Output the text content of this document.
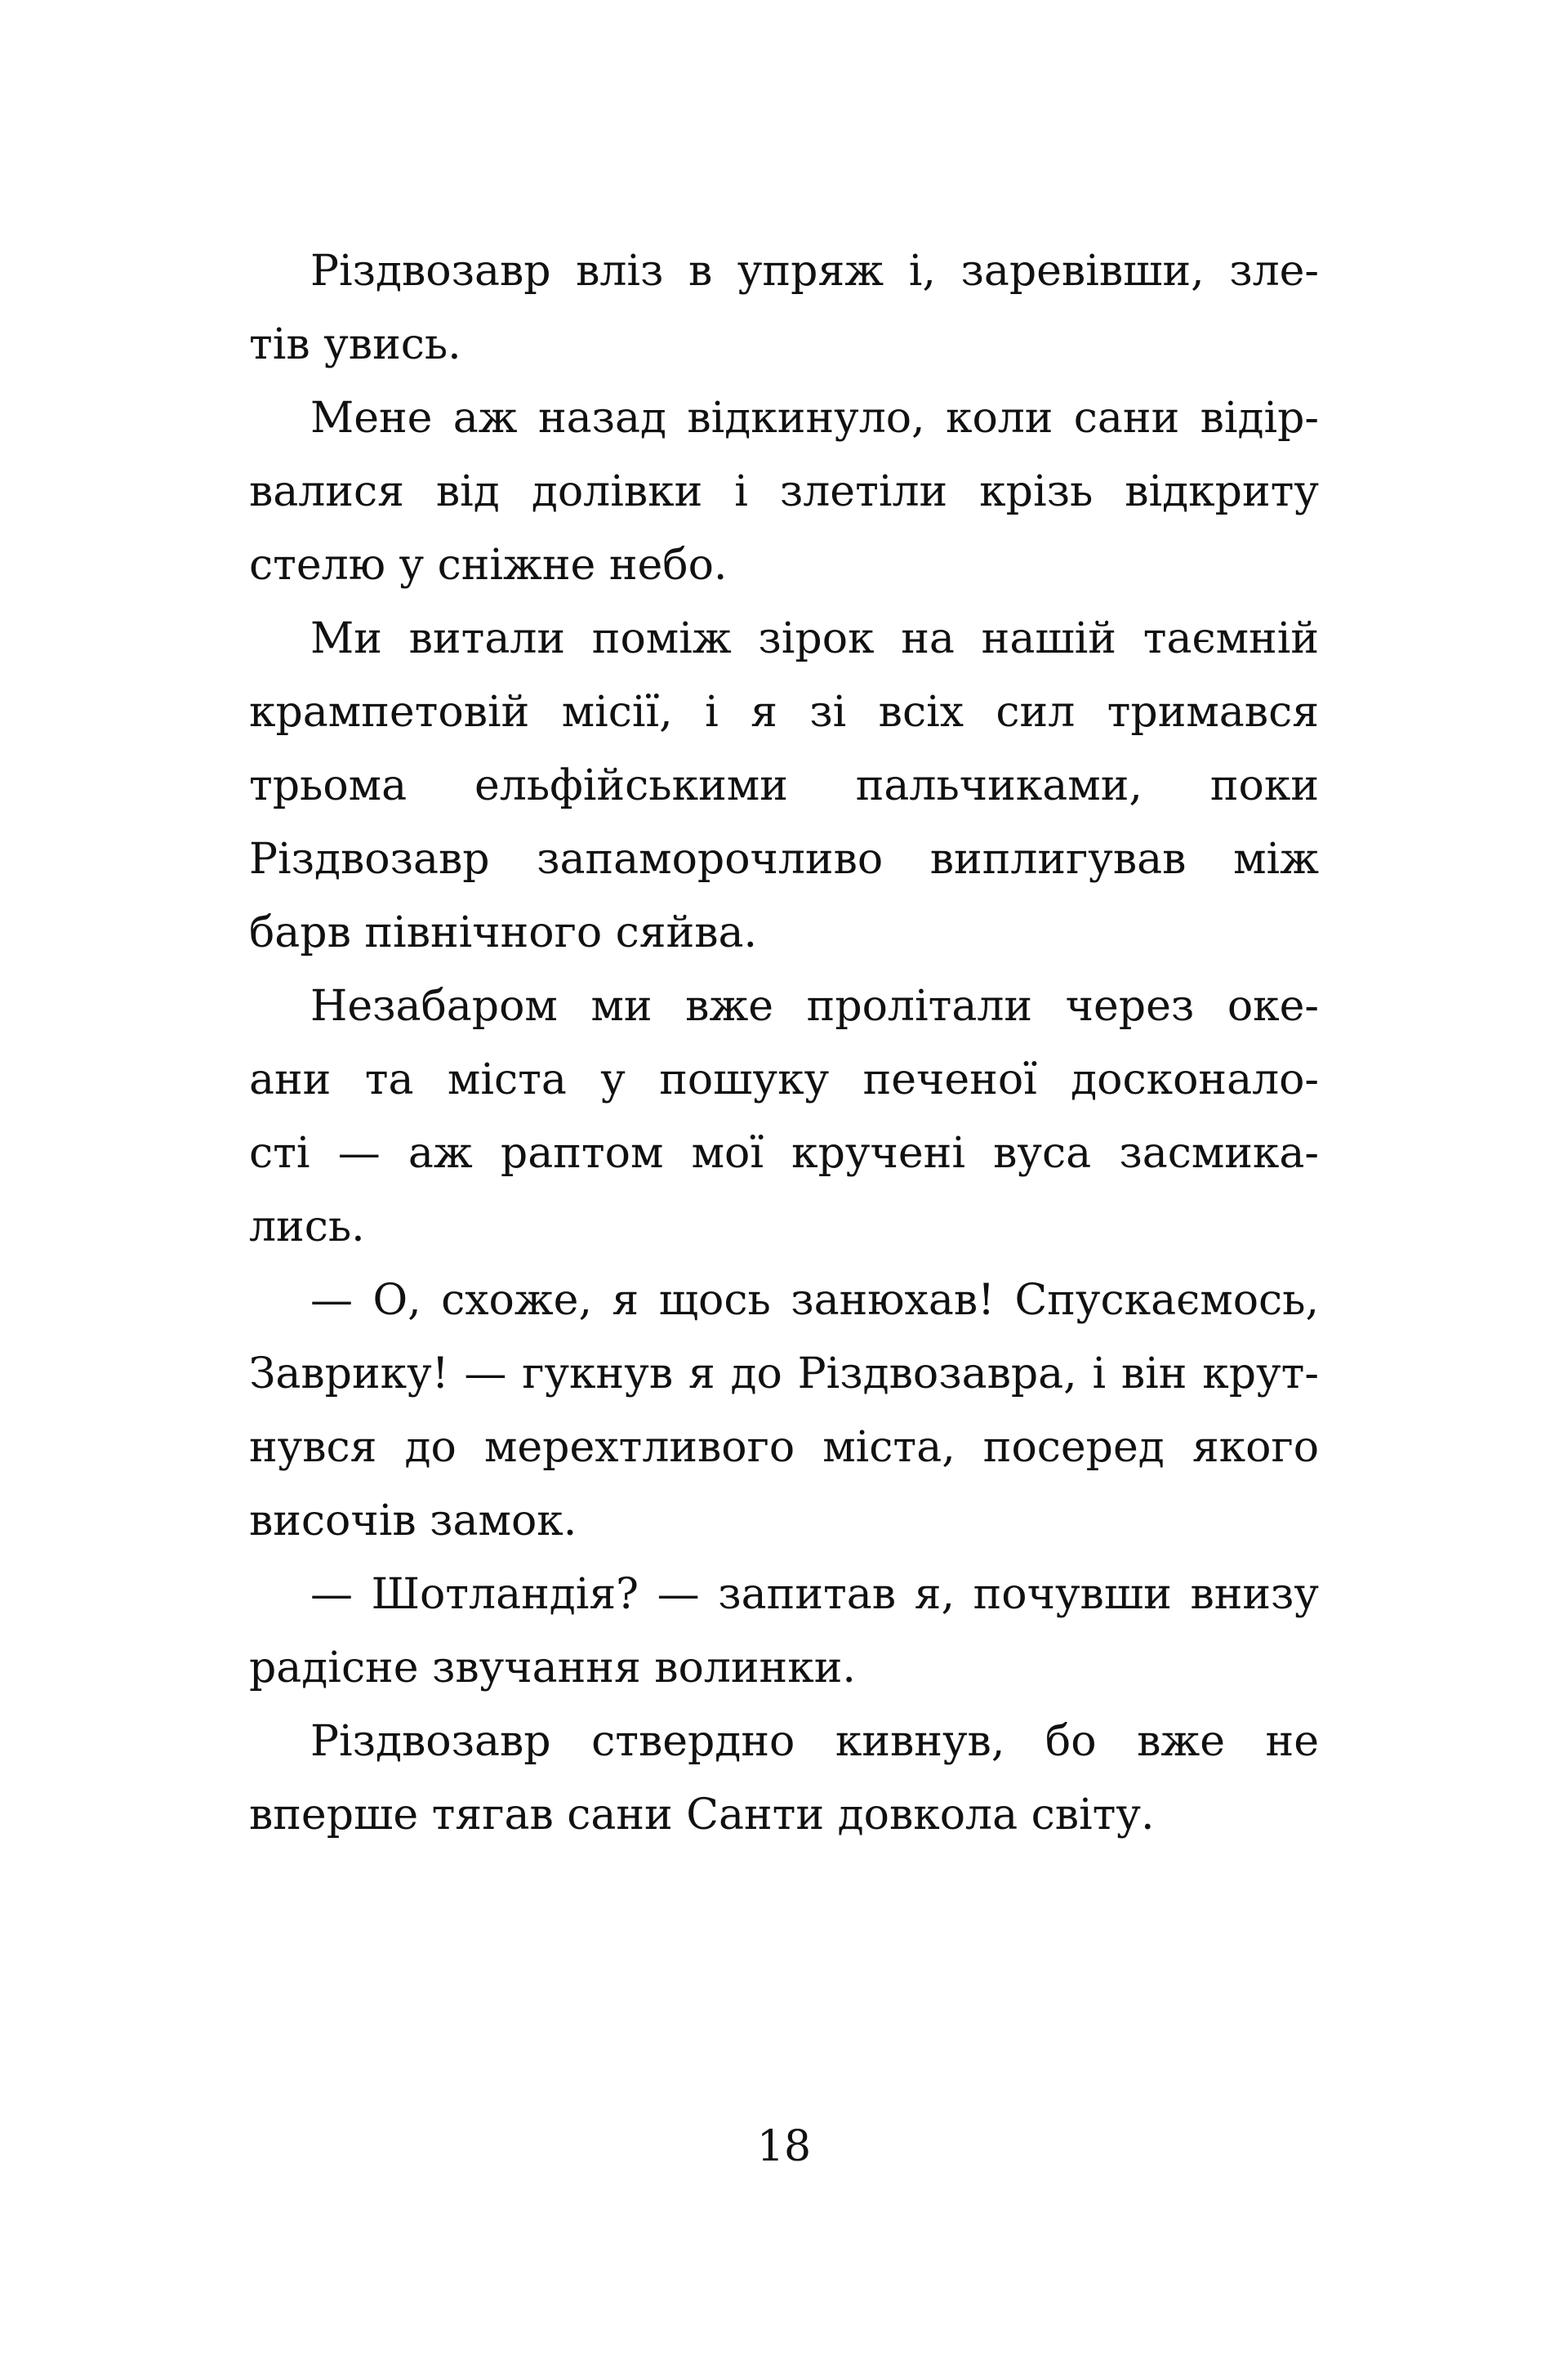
Різдвозавр вліз в упряж і, заревівши, зле-
тів увись.
Мене аж назад відкинуло, коли сани відір-
валися від долівки і злетіли крізь відкриту
стелю у сніжне небо.
Ми витали поміж зірок на нашій таємній
крампетовій місії, і я зі всіх сил тримався
трьома ельфійськими пальчиками, поки
Різдвозавр запаморочливо виплигував між
барв північного сяйва.
Незабаром ми вже пролітали через оке-
ани та міста у пошуку печеної досконало-
сті — аж раптом мої кручені вуса засмика-
лись.
— О, схоже, я щось занюхав! Спускаємось,
Заврику! — гукнув я до Різдвозавра, і він крут-
нувся до мерехтливого міста, посеред якого
височів замок.
— Шотландія? — запитав я, почувши внизу
радісне звучання волинки.
Різдвозавр ствердно кивнув, бо вже не
вперше тягав сани Санти довкола світу.
18
